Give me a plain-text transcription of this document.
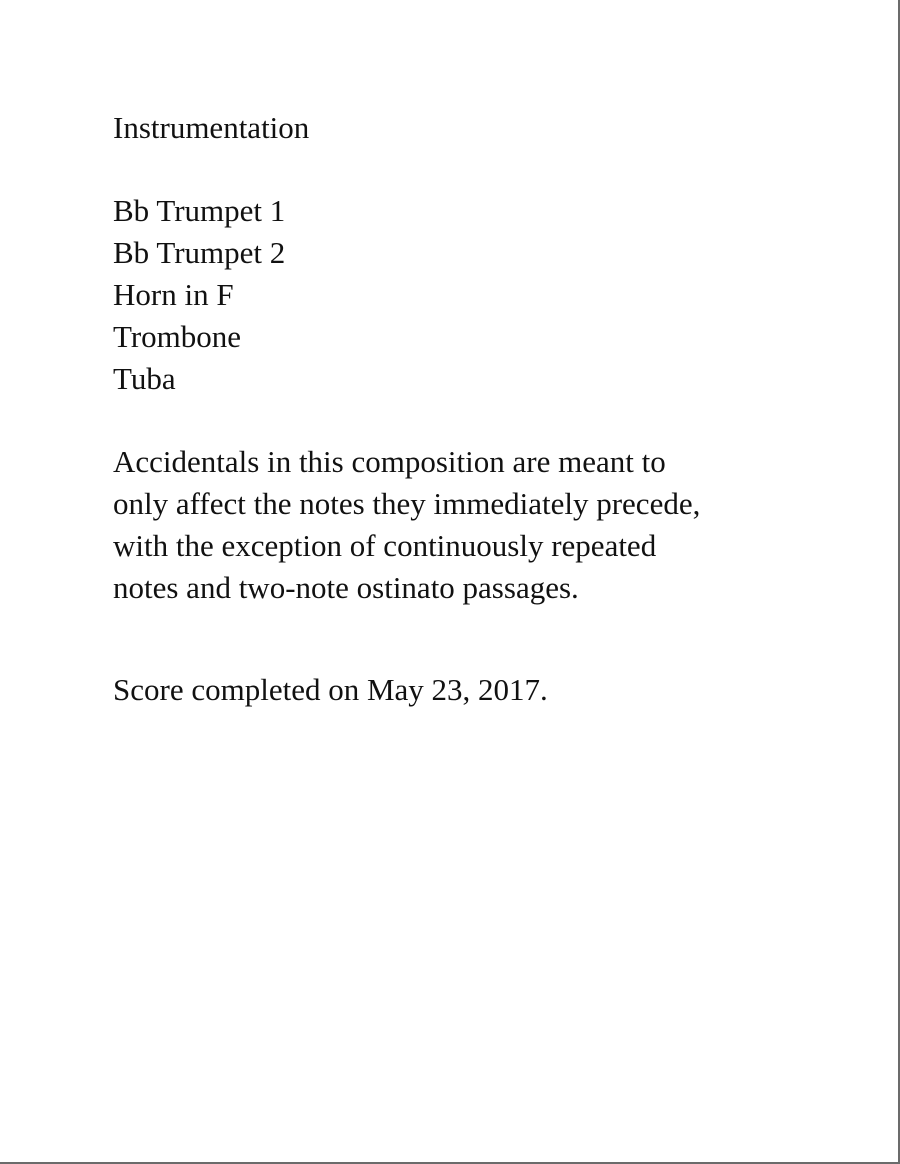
Instrumentation
Bb Trumpet 1
Bb Trumpet 2
Horn in F
Trombone
Tuba
Accidentals in this composition are meant to
only affect the notes they immediately precede,
with the exception of continuously repeated
notes and two-note ostinato passages.
Score completed on May 23, 2017.
